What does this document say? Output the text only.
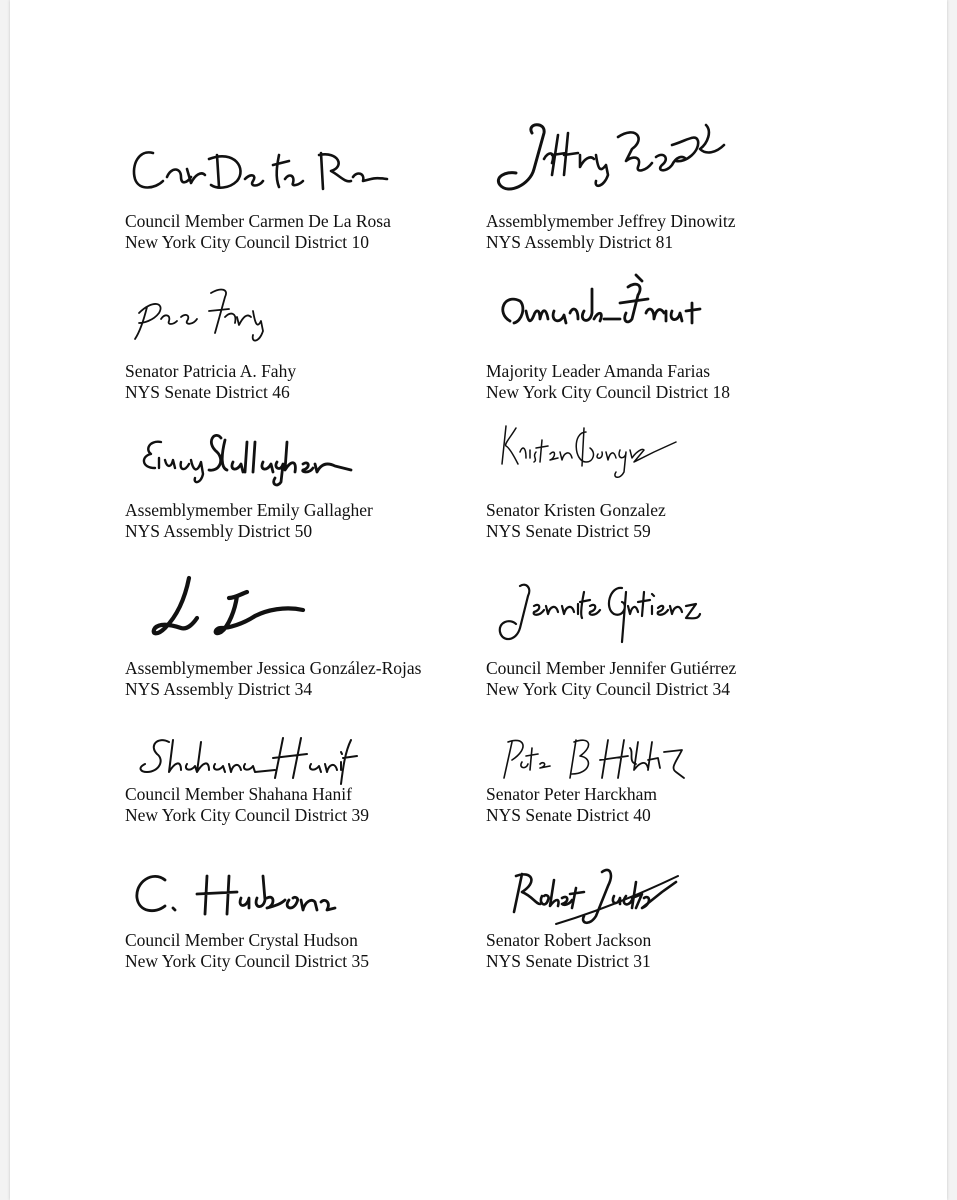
Council Member Carmen De La Rosa
New York City Council District 10
Assemblymember Jeffrey Dinowitz
NYS Assembly District 81
Senator Patricia A. Fahy
NYS Senate District 46
Majority Leader Amanda Farias
New York City Council District 18
Assemblymember Emily Gallagher
NYS Assembly District 50
Senator Kristen Gonzalez
NYS Senate District 59
Assemblymember Jessica González-Rojas
NYS Assembly District 34
Council Member Jennifer Gutiérrez
New York City Council District 34
Council Member Shahana Hanif
New York City Council District 39
Senator Peter Harckham
NYS Senate District 40
Council Member Crystal Hudson
New York City Council District 35
Senator Robert Jackson
NYS Senate District 31
